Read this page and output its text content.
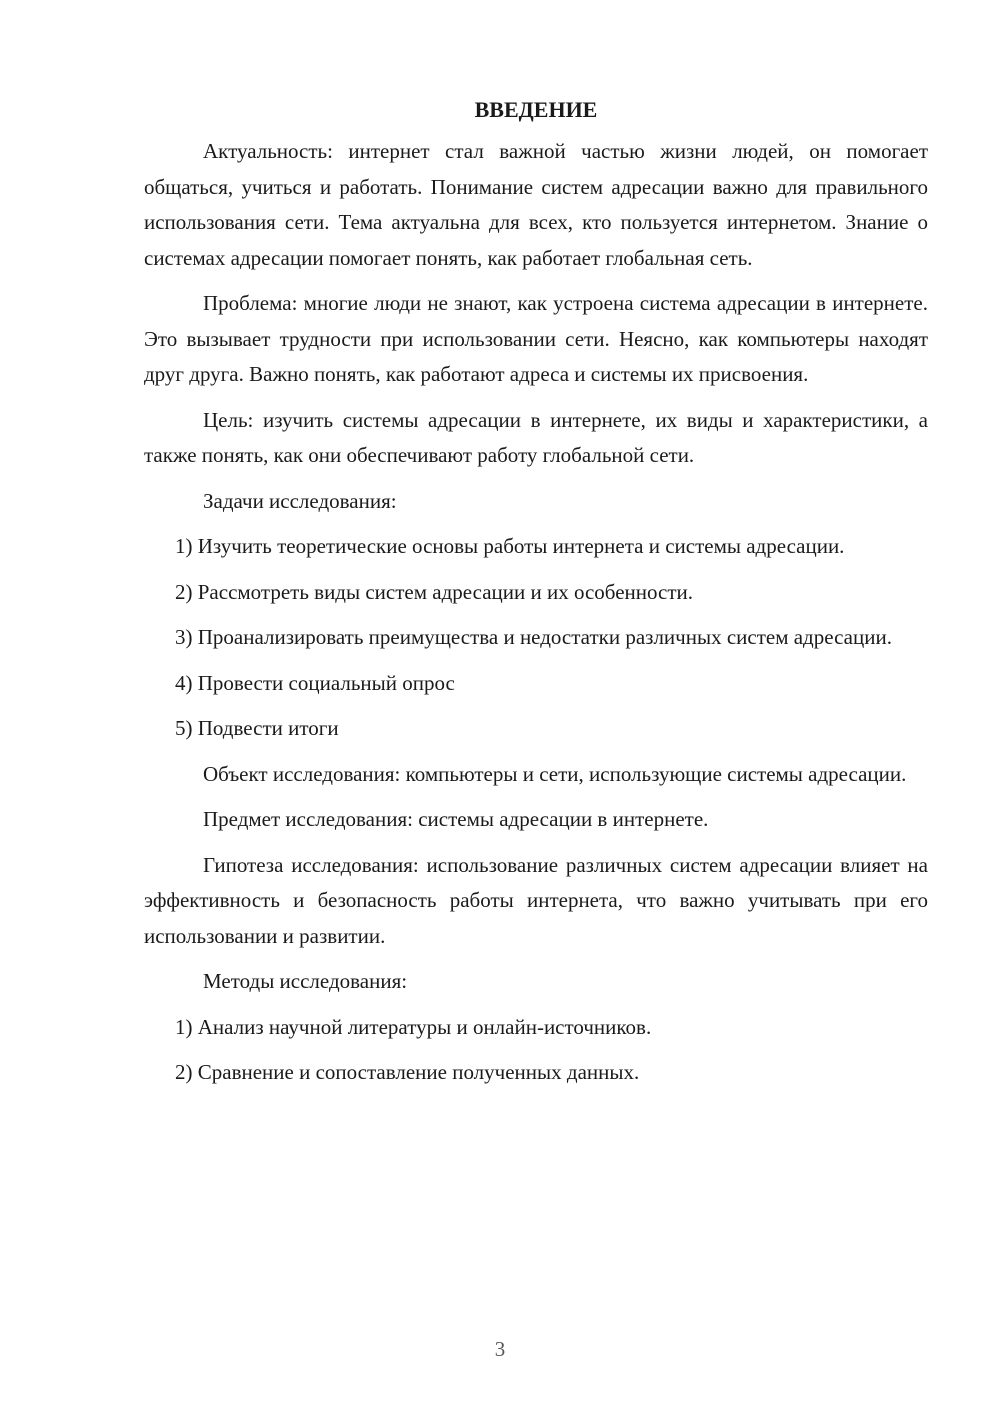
ВВЕДЕНИЕ

Актуальность: интернет стал важной частью жизни людей, он помогает общаться, учиться и работать. Понимание систем адресации важно для правильного использования сети. Тема актуальна для всех, кто пользуется интернетом. Знание о системах адресации помогает понять, как работает глобальная сеть.

Проблема: многие люди не знают, как устроена система адресации в интернете. Это вызывает трудности при использовании сети. Неясно, как компьютеры находят друг друга. Важно понять, как работают адреса и системы их присвоения.

Цель: изучить системы адресации в интернете, их виды и характеристики, а также понять, как они обеспечивают работу глобальной сети.

Задачи исследования:

1) Изучить теоретические основы работы интернета и системы адресации.

2) Рассмотреть виды систем адресации и их особенности.

3) Проанализировать преимущества и недостатки различных систем адресации.

4) Провести социальный опрос

5) Подвести итоги

Объект исследования: компьютеры и сети, использующие системы адресации.

Предмет исследования: системы адресации в интернете.

Гипотеза исследования: использование различных систем адресации влияет на эффективность и безопасность работы интернета, что важно учитывать при его использовании и развитии.

Методы исследования:

1) Анализ научной литературы и онлайн-источников.

2) Сравнение и сопоставление полученных данных.

3
